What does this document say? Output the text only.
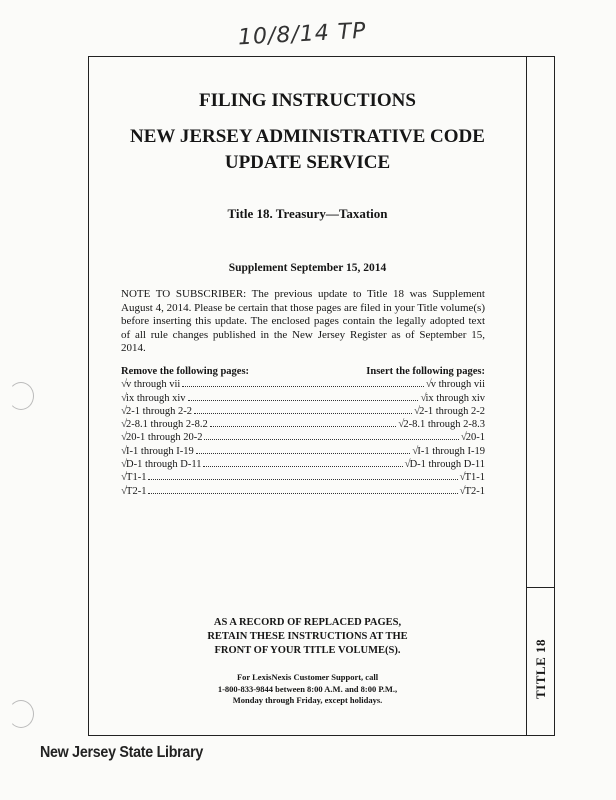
10/8/14 TP
TITLE 18
FILING INSTRUCTIONS
NEW JERSEY ADMINISTRATIVE CODE
UPDATE SERVICE
Title 18. Treasury—Taxation
Supplement September 15, 2014
NOTE TO SUBSCRIBER: The previous update to Title 18 was Supplement August 4, 2014. Please be certain that those pages are filed in your Title volume(s) before inserting this update. The enclosed pages contain the legally adopted text of all rule changes published in the New Jersey Register as of September 15, 2014.
Remove the following pages:	Insert the following pages:
√ v through vii	√ v through vii
√ ix through xiv	√ ix through xiv
√ 2-1 through 2-2	√ 2-1 through 2-2
√ 2-8.1 through 2-8.2	√ 2-8.1 through 2-8.3
√ 20-1 through 20-2	√ 20-1
√ I-1 through I-19	√ I-1 through I-19
√ D-1 through D-11	√ D-1 through D-11
√ T1-1	√ T1-1
√ T2-1	√ T2-1
AS A RECORD OF REPLACED PAGES,
RETAIN THESE INSTRUCTIONS AT THE
FRONT OF YOUR TITLE VOLUME(S).
For LexisNexis Customer Support, call
1-800-833-9844 between 8:00 A.M. and 8:00 P.M.,
Monday through Friday, except holidays.
New Jersey State Library
